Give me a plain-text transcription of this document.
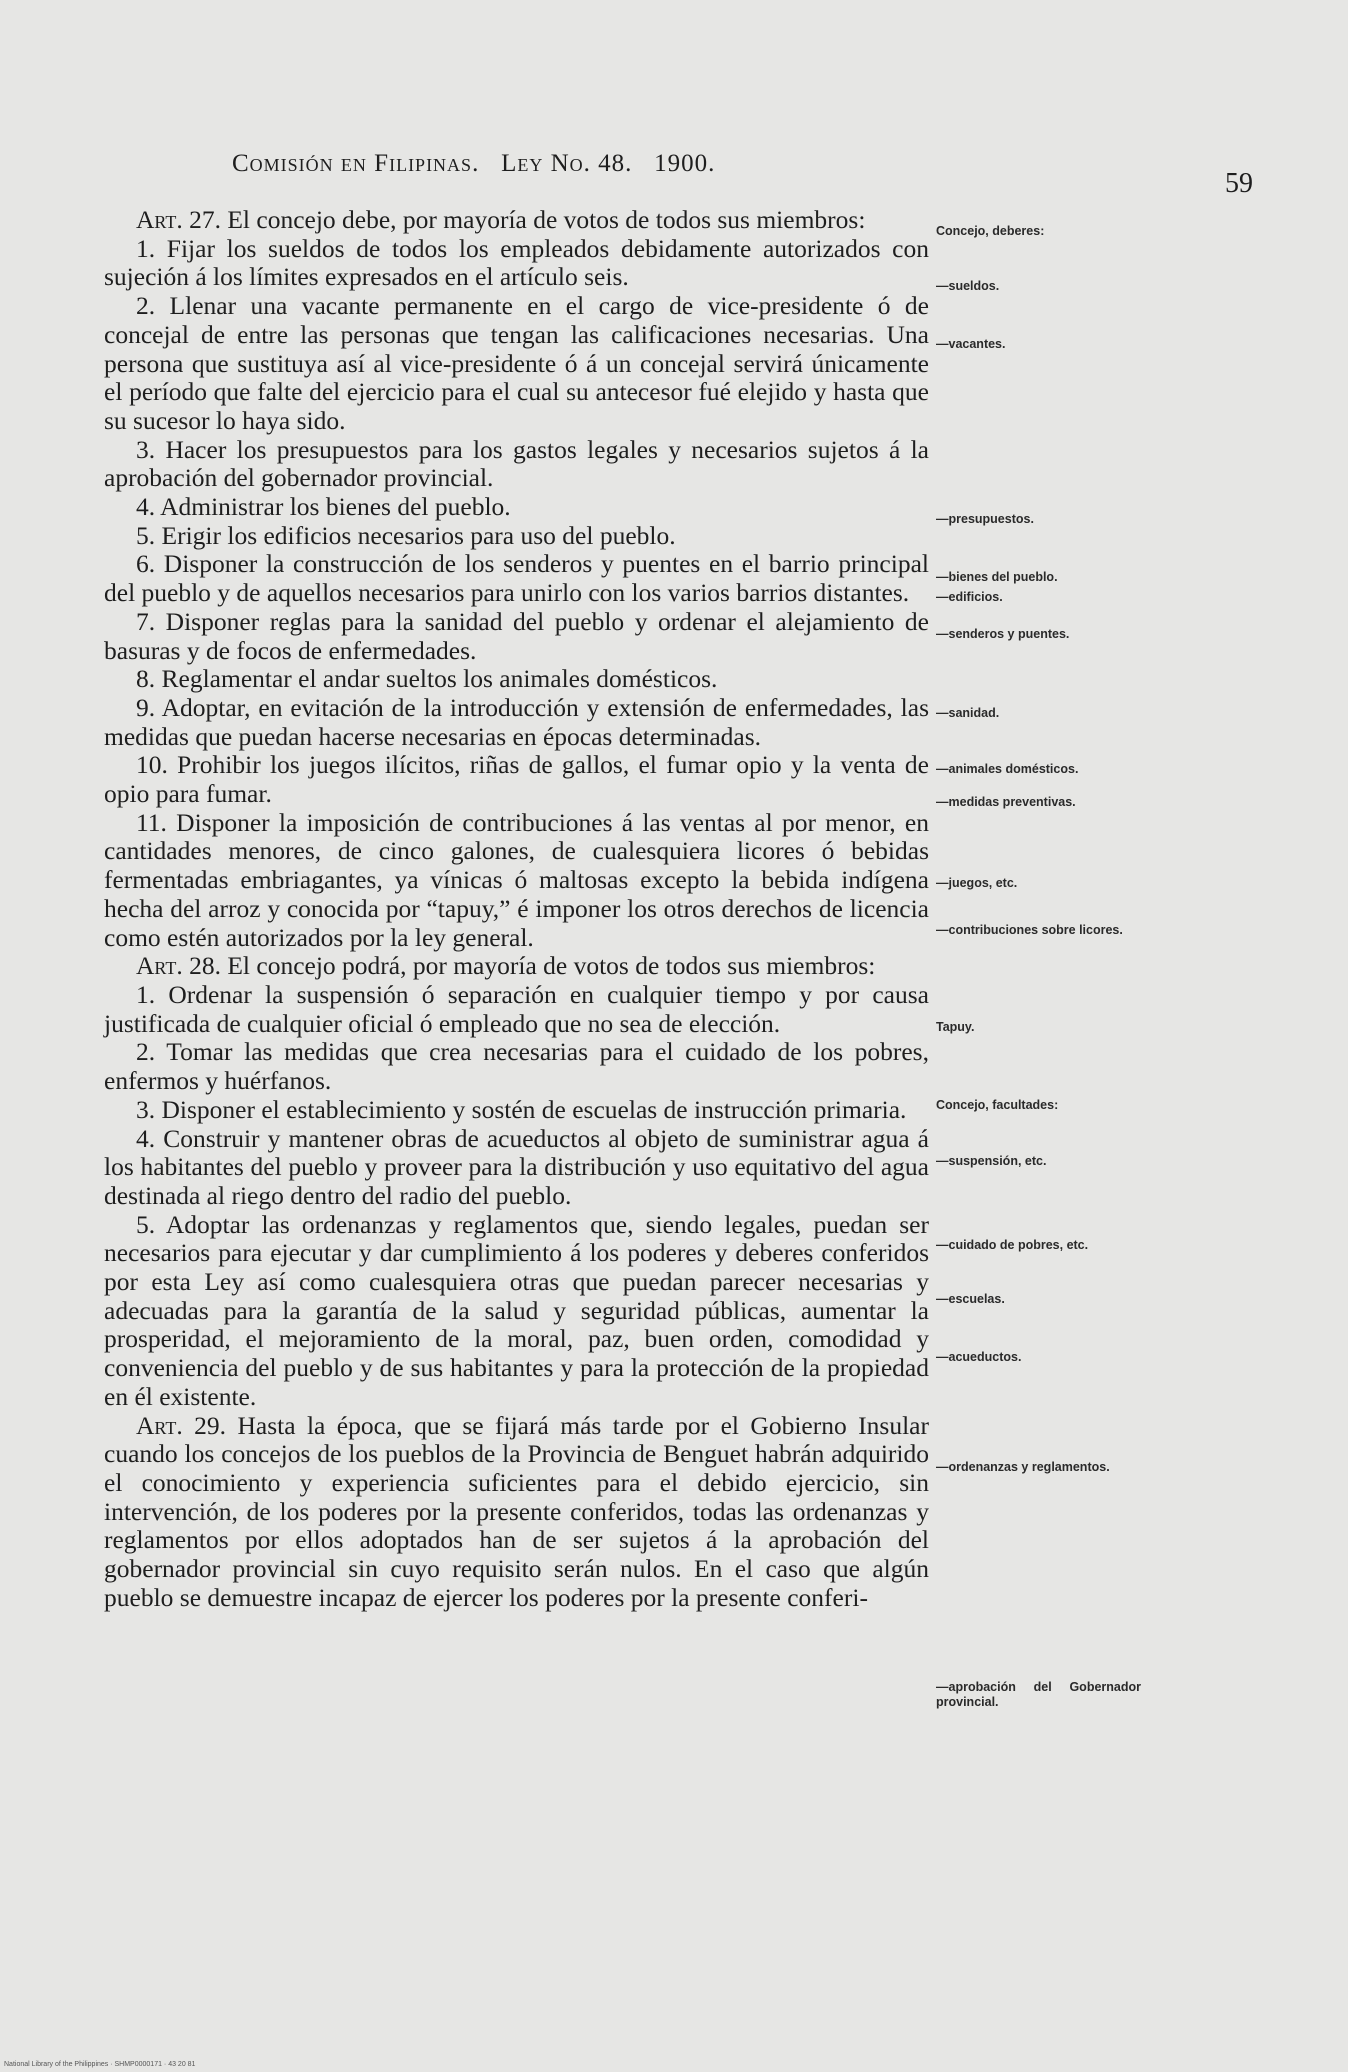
Comisión en Filipinas. Ley No. 48. 1900.
59

Art. 27. El concejo debe, por mayoría de votos de todos sus miembros:

1. Fijar los sueldos de todos los empleados debidamente autorizados con sujeción á los límites expresados en el artículo seis.

2. Llenar una vacante permanente en el cargo de vice-presidente ó de concejal de entre las personas que tengan las calificaciones necesarias. Una persona que sustituya así al vice-presidente ó á un concejal servirá únicamente el período que falte del ejercicio para el cual su antecesor fué elejido y hasta que su sucesor lo haya sido.

3. Hacer los presupuestos para los gastos legales y necesarios sujetos á la aprobación del gobernador provincial.

4. Administrar los bienes del pueblo.

5. Erigir los edificios necesarios para uso del pueblo.

6. Disponer la construcción de los senderos y puentes en el barrio principal del pueblo y de aquellos necesarios para unirlo con los varios barrios distantes.

7. Disponer reglas para la sanidad del pueblo y ordenar el alejamiento de basuras y de focos de enfermedades.

8. Reglamentar el andar sueltos los animales domésticos.

9. Adoptar, en evitación de la introducción y extensión de enfermedades, las medidas que puedan hacerse necesarias en épocas determinadas.

10. Prohibir los juegos ilícitos, riñas de gallos, el fumar opio y la venta de opio para fumar.

11. Disponer la imposición de contribuciones á las ventas al por menor, en cantidades menores, de cinco galones, de cualesquiera licores ó bebidas fermentadas embriagantes, ya vínicas ó maltosas excepto la bebida indígena hecha del arroz y conocida por “tapuy,” é imponer los otros derechos de licencia como estén autorizados por la ley general.

Art. 28. El concejo podrá, por mayoría de votos de todos sus miembros:

1. Ordenar la suspensión ó separación en cualquier tiempo y por causa justificada de cualquier oficial ó empleado que no sea de elección.

2. Tomar las medidas que crea necesarias para el cuidado de los pobres, enfermos y huérfanos.

3. Disponer el establecimiento y sostén de escuelas de instrucción primaria.

4. Construir y mantener obras de acueductos al objeto de suministrar agua á los habitantes del pueblo y proveer para la distribución y uso equitativo del agua destinada al riego dentro del radio del pueblo.

5. Adoptar las ordenanzas y reglamentos que, siendo legales, puedan ser necesarios para ejecutar y dar cumplimiento á los poderes y deberes conferidos por esta Ley así como cualesquiera otras que puedan parecer necesarias y adecuadas para la garantía de la salud y seguridad públicas, aumentar la prosperidad, el mejoramiento de la moral, paz, buen orden, comodidad y conveniencia del pueblo y de sus habitantes y para la protección de la propiedad en él existente.

Art. 29. Hasta la época, que se fijará más tarde por el Gobierno Insular cuando los concejos de los pueblos de la Provincia de Benguet habrán adquirido el conocimiento y experiencia suficientes para el debido ejercicio, sin intervención, de los poderes por la presente conferidos, todas las ordenanzas y reglamentos por ellos adoptados han de ser sujetos á la aprobación del gobernador provincial sin cuyo requisito serán nulos. En el caso que algún pueblo se demuestre incapaz de ejercer los poderes por la presente conferi-

Concejo, deberes:
—sueldos.
—vacantes.
—presupuestos.
—bienes del pueblo.
—edificios.
—senderos y puentes.
—sanidad.
—animales domésticos.
—medidas preventivas.
—juegos, etc.
—contribuciones sobre licores.
Tapuy.
Concejo, facultades:
—suspensión, etc.
—cuidado de pobres, etc.
—escuelas.
—acueductos.
—ordenanzas y reglamentos.
—aprobación del Gobernador provincial.
National Library of the Philippines · SHMP0000171 · 43 20 81
